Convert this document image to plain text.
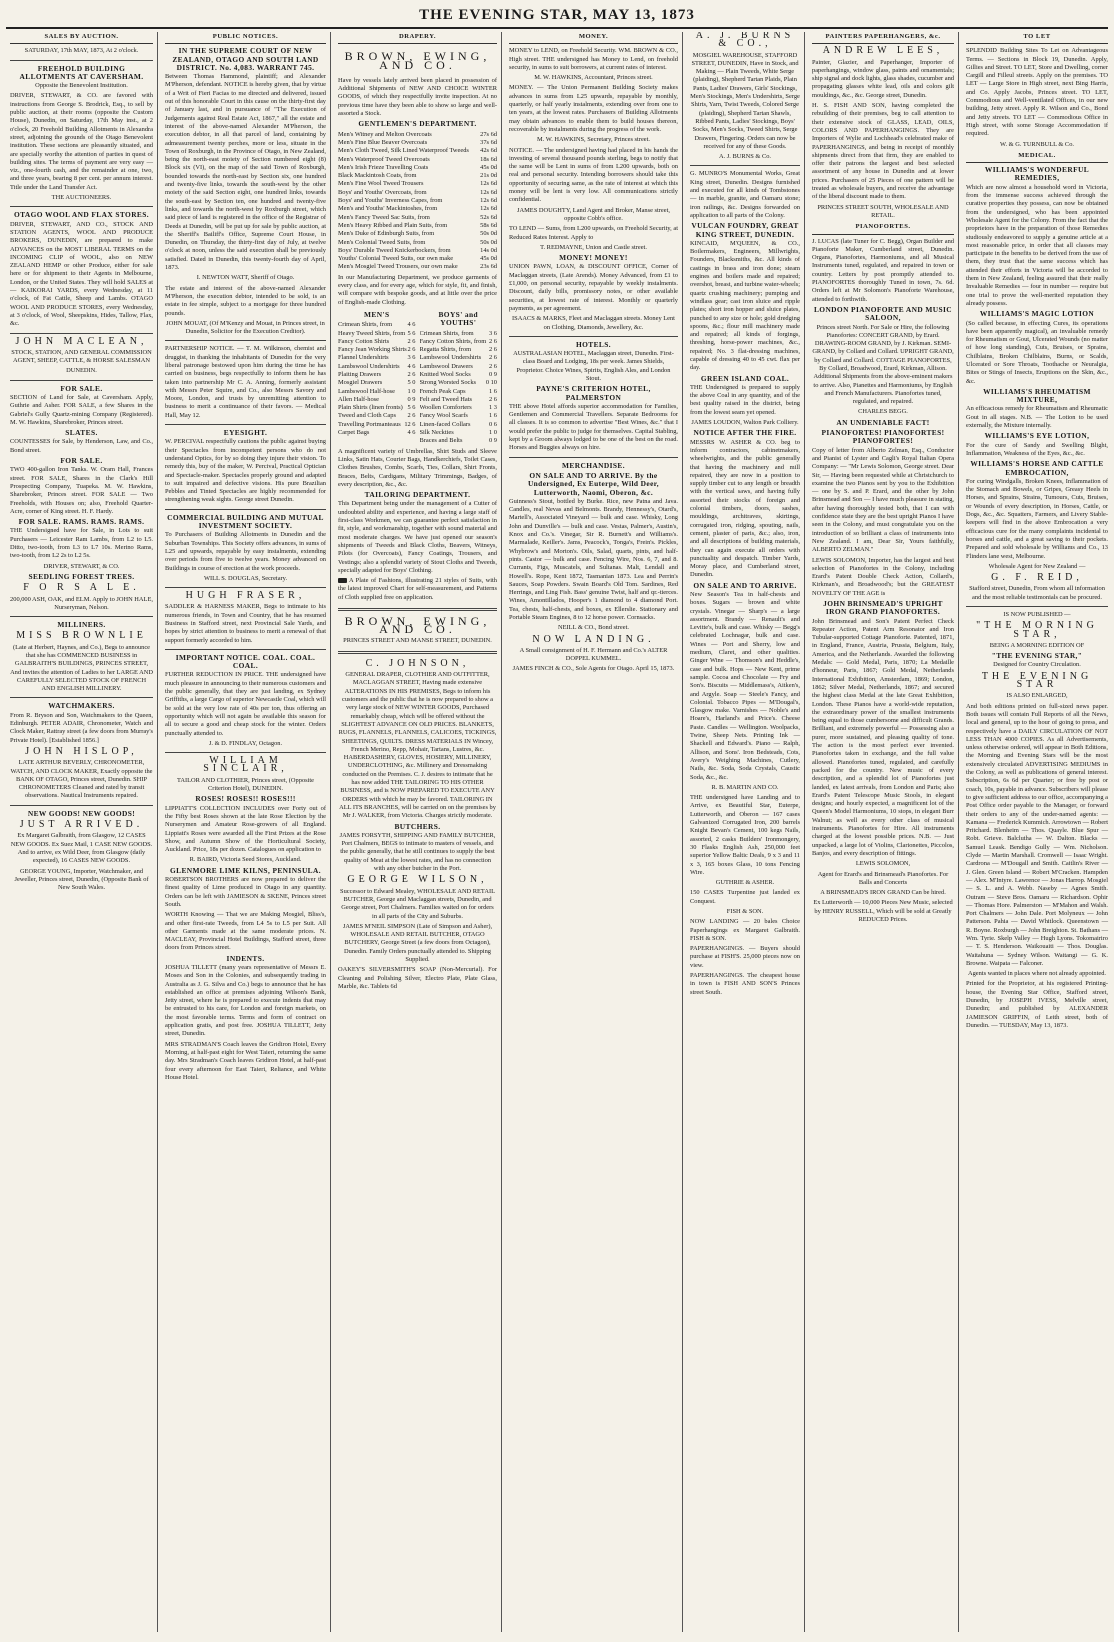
THE EVENING STAR, MAY 13, 1873
SALES BY AUCTION.

SATURDAY, 17th MAY, 1873, At 2 o'clock.

FREEHOLD BUILDING ALLOTMENTS AT CAVERSHAM.

Opposite the Benevolent Institution.

DRIVER, STEWART, & CO. are favored with instructions from George S. Brodrick, Esq., to sell by public auction, at their rooms (opposite the Custom House), Dunedin, on Saturday, 17th May inst., at 2 o'clock, 20 Freehold Building Allotments in Alexandra street, adjoining the grounds of the Otago Benevolent institution. These sections are pleasantly situated, and are specially worthy the attention of parties in quest of building sites. The terms of payment are very easy — viz., one-fourth cash, and the remainder at one, two, and three years, bearing 8 per cent. per annum interest. Title under the Land Transfer Act.

THE AUCTIONEERS.

OTAGO WOOL AND FLAX STORES.

DRIVER, STEWART, AND CO., STOCK AND STATION AGENTS, WOOL AND PRODUCE BROKERS, DUNEDIN, are prepared to make ADVANCES on the MOST LIBERAL TERMS on the INCOMING CLIP of WOOL, also on NEW ZEALAND HEMP or other Produce, either for sale here or for shipment to their Agents in Melbourne, London, or the United States. They will hold SALES at — KAIKORAI YARDS, every Wednesday, at 11 o'clock, of Fat Cattle, Sheep and Lambs. OTAGO WOOL AND PRODUCE STORES, every Wednesday, at 3 o'clock, of Wool, Sheepskins, Hides, Tallow, Flax, &c.

JOHN MACLEAN,

STOCK, STATION, AND GENERAL COMMISSION AGENT, SHEEP, CATTLE, & HORSE SALESMAN

DUNEDIN.

FOR SALE.

SECTION of Land for Sale, at Caversham. Apply, Guthrie and Asher. FOR SALE, a few Shares in the Gabriel's Gully Quartz-mining Company (Registered). M. W. Hawkins, Sharebroker, Princes street.

SLATES.

COUNTESSES for Sale, by Henderson, Law, and Co., Bond street.

FOR SALE.

TWO 400-gallon Iron Tanks. W. Oram Hall, Frances street. FOR SALE, Shares in the Clark's Hill Prospecting Company, Tuapeka. M. W. Hawkins, Sharebroker, Princes street. FOR SALE — Two Freeholds, with Houses on; also, Freehold Quarter-Acre, corner of King street. H. F. Hardy.

FOR SALE. RAMS. RAMS. RAMS.

THE Undersigned have for Sale, in Lots to suit Purchasers — Leicester Ram Lambs, from L2 to L5. Ditto, two-tooth, from L3 to L7 10s. Merino Rams, two-tooth, from L2 2s to L2 5s.

DRIVER, STEWART, & CO.

SEEDLING FOREST TREES.
F O R S A L E.

200,000 ASH, OAK, and ELM. Apply to JOHN HALE, Nurseryman, Nelson.

MILLINERS.
MISS BROWNLIE

(Late at Herbert, Haynes, and Co.), Begs to announce that she has COMMENCED BUSINESS in GALBRAITH'S BUILDINGS, PRINCES STREET, And invites the attention of Ladies to her LARGE AND CAREFULLY SELECTED STOCK OF FRENCH AND ENGLISH MILLINERY.

WATCHMAKERS.

From R. Bryson and Son, Watchmakers to the Queen, Edinburgh. PETER ADAIR, Chronometer, Watch and Clock Maker, Rattray street (a few doors from Murray's Private Hotel). [Established 1856.]

JOHN HISLOP,

LATE ARTHUR BEVERLY, CHRONOMETER, WATCH, AND CLOCK MAKER, Exactly opposite the BANK OF OTAGO, Princes street, Dunedin. SHIP CHRONOMETERS Cleaned and rated by transit observations. Nautical Instruments repaired.

NEW GOODS! NEW GOODS!
JUST ARRIVED.

Ex Margaret Galbraith, from Glasgow, 12 CASES NEW GOODS. Ex Suez Mail, 1 CASE NEW GOODS. And to arrive, ex Wild Deer, from Glasgow (daily expected), 16 CASES NEW GOODS.

GEORGE YOUNG, Importer, Watchmaker, and Jeweller, Princes street, Dunedin, (Opposite Bank of New South Wales.

PUBLIC NOTICES.
IN THE SUPREME COURT OF NEW ZEALAND, OTAGO AND SOUTH LAND DISTRICT. No. 4,083. WARRANT 745.

Between Thomas Hammond, plaintiff; and Alexander M'Pherson, defendant. NOTICE is hereby given, that by virtue of a Writ of Fieri Facias to me directed and delivered, issued out of this honorable Court in this cause on the thirty-first day of January last, and in pursuance of "The Execution of Judgements against Real Estate Act, 1867," all the estate and interest of the above-named Alexander M'Pherson, the execution debtor, in all that parcel of land, containing by admeasurement twenty perches, more or less, situate in the Town of Roxburgh, in the Province of Otago, in New Zealand, being the north-east moiety of Section numbered eight (8) Block six (VI), on the map of the said Town of Roxburgh, bounded towards the north-east by Section six, one hundred and twenty-five links, towards the south-west by the other moiety of the said Section eight, one hundred links, towards the south-east by Section ten, one hundred and twenty-five links, and towards the north-west by Roxburgh street, which said piece of land is registered in the office of the Registrar of Deeds at Dunedin, will be put up for sale by public auction, at the Sheriff's Bailiff's Office, Supreme Court House, in Dunedin, on Thursday, the thirty-first day of July, at twelve o'clock at noon, unless the said execution shall be previously satisfied. Dated in Dunedin, this twenty-fourth day of April, 1873.

I. NEWTON WATT, Sheriff of Otago.

The estate and interest of the above-named Alexander M'Pherson, the execution debtor, intended to be sold, is an estate in fee simple, subject to a mortgage for three hundred pounds.

JOHN MOUAT, (Of M'Kenzy and Mouat, in Princes street, in Dunedin, Solicitor for the Execution Creditor).

PARTNERSHIP NOTICE. — T. M. Wilkinson, chemist and druggist, in thanking the inhabitants of Dunedin for the very liberal patronage bestowed upon him during the time he has carried on business, begs respectfully to inform them he has taken into partnership Mr C. A. Anning, formerly assistant with Messrs Peter Squire, and Co., also Messrs Savory and Moore, London, and trusts by unremitting attention to business to merit a continuance of their favors. — Medical Hall, May 12.

EYESIGHT.

W. PERCIVAL respectfully cautions the public against buying their Spectacles from incompetent persons who do not understand Optics, for by so doing they injure their vision. To remedy this, buy of the maker, W. Percival, Practical Optician and Spectacle-maker. Spectacles properly ground and adapted to suit impaired and defective visions. His pure Brazilian Pebbles and Tinted Spectacles are highly recommended for strengthening weak sights. George street Dunedin.

COMMERCIAL BUILDING AND MUTUAL INVESTMENT SOCIETY.

To Purchasers of Building Allotments in Dunedin and the Suburban Townships. This Society offers advances, in sums of L25 and upwards, repayable by easy instalments, extending over periods from five to twelve years. Money advanced on Buildings in course of erection at the work proceeds.

WILL S. DOUGLAS, Secretary.

HUGH FRASER,

SADDLER & HARNESS MAKER, Begs to intimate to his numerous friends, in Town and Country, that he has resumed Business in Stafford street, next Provincial Sale Yards, and hopes by strict attention to business to merit a renewal of that support formerly accorded to him.

IMPORTANT NOTICE. COAL. COAL. COAL.

FURTHER REDUCTION IN PRICE. THE undersigned have much pleasure in announcing to their numerous customers and the public generally, that they are just landing, ex Sydney Griffiths, a large Cargo of superior Newcastle Coal, which will be sold at the very low rate of 40s per ton, thus offering an opportunity which will not again be available this season for all to secure a good and cheap stock for the winter. Orders punctually attended to.

J. & D. FINDLAY, Octagon.

WILLIAM SINCLAIR,

TAILOR AND CLOTHIER, Princes street, (Opposite Criterion Hotel), DUNEDIN.

ROSES! ROSES!! ROSES!!!

LIPPIATT'S COLLECTION INCLUDES over Forty out of the Fifty best Roses shown at the late Rose Election by the Nurserymen and Amateur Rose-growers of all England. Lippiatt's Roses were awarded all the First Prizes at the Rose Show, and Autumn Show of the Horticultural Society, Auckland. Price, 18s per dozen. Catalogues on application to

R. BAIRD, Victoria Seed Stores, Auckland.

GLENMORE LIME KILNS, PENINSULA.

ROBERTSON BROTHERS are now prepared to deliver the finest quality of Lime produced in Otago in any quantity. Orders can be left with JAMIESON & SKENE, Princes street South.

WORTH Knowing — That we are Making Mosgiel, Bliss's, and other first-rate Tweeds, from L4 5s to L5 per Suit. All other Garments made at the same moderate prices. N. MACLEAY, Provincial Hotel Buildings, Stafford street, three doors from Princes street.

INDENTS.

JOSHUA TILLETT (many years representative of Messrs E. Moses and Son in the Colonies, and subsequently trading in Australia as J. G. Silva and Co.) begs to announce that he has established an office at premises adjoining Wilson's Bank, Jetty street, where he is prepared to execute indents that may be entrusted to his care, for London and foreign markets, on the most favorable terms. Terms and form of contract on application gratis, and post free. JOSHUA TILLETT, Jetty street, Dunedin.

MRS STRADMAN'S Coach leaves the Gridiron Hotel, Every Morning, at half-past eight for West Taieri, returning the same day. Mrs Stradman's Coach leaves Gridiron Hotel, at half-past four every afternoon for East Taieri, Reliance, and White House Hotel.

DRAPERY.
BROWN, EWING, AND CO.

Have by vessels lately arrived been placed in possession of Additional Shipments of NEW AND CHOICE WINTER GOODS, of which they respectfully invite inspection. At no previous time have they been able to show so large and well-assorted a Stock.

GENTLEMEN'S DEPARTMENT.
Men's Witney and Melton Overcoats	27s 6d
Men's Fine Blue Beaver Overcoats	37s 6d
Men's Cloth Tweed, Silk Lined Waterproof Tweeds	42s 6d
Men's Waterproof Tweed Overcoats	18s 6d
Men's Irish Frieze Travelling Coats	45s 0d
Black Mackintosh Coats, from	21s 0d
Men's Fine Wool Tweed Trousers	12s 6d
Boys' and Youths' Overcoats, from	12s 6d
Boys' and Youths' Inverness Capes, from	12s 6d
Men's and Youths' Mackintoshes, from	12s 6d
Men's Fancy Tweed Sac Suits, from	52s 6d
Men's Heavy Ribbed and Plain Suits, from	58s 6d
Men's Duke of Edinburgh Suits, from	50s 0d
Men's Colonial Tweed Suits, from	50s 0d
Boys' Durable Tweed Knickerbockers, from	14s 0d
Youths' Colonial Tweed Suits, our own make	45s 0d
Men's Mosgiel Tweed Trousers, our own make	23s 6d

In our Manufacturing Department, we produce garments of every class, and for every age, which for style, fit, and finish, will compare with bespoke goods, and at little over the price of English-made Clothing.

MEN'S
Crimean Shirts, from	4 6
Heavy Tweed Shirts, from 5 6
Fancy Cotton Shirts	2 6
Fancy Jean Working Shirts 2 6
Flannel Undershirts	3 6
Lambswool Undershirts	4 6
Plaiting Drawers	2 6
Mosgiel Drawers	5 0
Lambswool Half-hose	1 0
Allen Half-hose	0 9
Plain Shirts (linen fronts) 5 6
Tweed and Cloth Caps	2 6
Travelling Portmanteaus 12 6
Carpet Bags	4 6
BOYS' and YOUTHS'
Crimean Shirts, from	3 6
Fancy Cotton Shirts, from 2 6
Regatta Shirts, from	2 6
Lambswool Undershirts	2 6
Lambswool Drawers	2 6
Knitted Wool Socks	0 9
Strong Worsted Socks	0 10
French Peak Caps	1 6
Felt and Tweed Hats	2 6
Woollen Comforters	1 3
Fancy Wool Scarfs	1 6
Linen-faced Collars	0 6
Silk Neckties	1 0
Braces and Belts	0 9

A magnificent variety of Umbrellas, Shirt Studs and Sleeve Links, Satin Hats, Courier Bags, Handkerchiefs, Toilet Cases, Clothes Brushes, Combs, Scarfs, Ties, Collars, Shirt Fronts, Braces, Belts, Cardigans, Military Trimmings, Badges, of every description, &c., &c.

TAILORING DEPARTMENT.

This Department being under the management of a Cutter of undoubted ability and experience, and having a large staff of first-class Workmen, we can guarantee perfect satisfaction in fit, style, and workmanship, together with sound material and most moderate charges. We have just opened our season's shipments of Tweeds and Black Cloths, Beavers, Witneys, Pilots (for Overcoats), Fancy Coatings, Trousers, and Vestings; also a splendid variety of Stout Cloths and Tweeds, specially adapted for Boys' Clothing.

A Plate of Fashions, illustrating 21 styles of Suits, with the latest improved Chart for self-measurement, and Patterns of Cloth supplied free on application.

BROWN, EWING, AND CO.

PRINCES STREET AND MANSE STREET, DUNEDIN.

C. JOHNSON,

GENERAL DRAPER, CLOTHIER AND OUTFITTER, MACLAGGAN STREET, Having made extensive ALTERATIONS IN HIS PREMISES, Begs to inform his customers and the public that he is now prepared to show a very large stock of NEW WINTER GOODS, Purchased remarkably cheap, which will be offered without the SLIGHTEST ADVANCE ON OLD PRICES. BLANKETS, RUGS, FLANNELS, FLANNELS, CALICOES, TICKINGS, SHEETINGS, QUILTS. DRESS MATERIALS IN Wincey, French Merino, Repp, Mohair, Tartans, Lustres, &c. HABERDASHERY, GLOVES, HOSIERY, MILLINERY, UNDERCLOTHING, &c. Millinery and Dressmaking conducted on the Premises. C. J. desires to intimate that he has now added THE TAILORING TO HIS OTHER BUSINESS, and is NOW PREPARED TO EXECUTE ANY ORDERS with which he may be favored. TAILORING IN ALL ITS BRANCHES, will be carried on on the premises by Mr J. WALKER, from Victoria. Charges strictly moderate.

BUTCHERS.

JAMES FORSYTH, SHIPPING AND FAMILY BUTCHER, Port Chalmers, BEGS to intimate to masters of vessels, and the public generally, that he still continues to supply the best quality of Meat at the lowest rates, and has no connection with any other butcher in the Port.

GEORGE WILSON,

Successor to Edward Mealey, WHOLESALE AND RETAIL BUTCHER, George and Maclaggan streets, Dunedin, and George street, Port Chalmers. Families waited on for orders in all parts of the City and Suburbs.

JAMES M'NEIL SIMPSON (Late of Simpson and Asher), WHOLESALE AND RETAIL BUTCHER, OTAGO BUTCHERY, George Street (a few doors from Octagon), Dunedin. Family Orders punctually attended to. Shipping Supplied.

OAKEY'S SILVERSMITH'S SOAP (Non-Mercurial). For Cleaning and Polishing Silver, Electro Plate, Plate Glass, Marble, &c. Tablets 6d

MONEY.

MONEY to LEND, on Freehold Security. WM. BROWN & CO., High street. THE undersigned has Money to Lend, on freehold security, in sums to suit borrowers, at current rates of interest.

M. W. HAWKINS, Accountant, Princes street.

MONEY. — The Union Permanent Building Society makes advances in sums from L25 upwards, repayable by monthly, quarterly, or half yearly instalments, extending over from one to ten years, at the lowest rates. Purchasers of Building Allotments may obtain advances to enable them to build houses thereon, recoverable by instalments during the progress of the work.

M. W. HAWKINS, Secretary, Princes street.

NOTICE. — The undersigned having had placed in his hands the investing of several thousand pounds sterling, begs to notify that the same will be Lent in sums of from L200 upwards, both on real and personal security. Intending borrowers should take this opportunity of securing same, as the rate of interest at which this money will be lent is very low. All communications strictly confidential.

JAMES DOUGHTY, Land Agent and Broker, Manse street, opposite Cobb's office.

TO LEND — Sums, from L200 upwards, on Freehold Security, at Reduced Rates Interest. Apply to

T. REDMAYNE, Union and Castle street.

MONEY! MONEY!

UNION PAWN, LOAN, & DISCOUNT OFFICE, Corner of Maclaggan streets, (Late Arends). Money Advanced, from £1 to £1,000, on personal security, repayable by weekly instalments. Discount, daily bills, promissory notes, or other available securities, at lowest rate of interest. Monthly or quarterly payments, as per agreement.

ISAACS & MARKS, Fleet and Maclaggan streets. Money Lent on Clothing, Diamonds, Jewellery, &c.

HOTELS.

AUSTRALASIAN HOTEL, Maclaggan street, Dunedin. First-class Board and Lodging, 18s per week. James Shields, Proprietor. Choice Wines, Spirits, English Ales, and London Stout.

PAYNE'S CRITERION HOTEL, PALMERSTON

THE above Hotel affords superior accommodation for Families, Gentlemen and Commercial Travellers. Separate Bedrooms for all classes. It is so common to advertise "Best Wines, &c." that I would prefer the public to judge for themselves. Capital Stabling, kept by a Groom always lodged to be one of the best on the road. Horses and Buggies always on hire.

MERCHANDISE.
ON SALE AND TO ARRIVE. By the Undersigned, Ex Euterpe, Wild Deer, Lutterworth, Naomi, Oberon, &c.

Guinness's Stout, bottled by Burke. Rice, new Patna and Java. Candles, real Nevas and Belmonts. Brandy, Hennessy's, Otard's, Martell's, Associated Vineyard — bulk and case. Whisky, Long John and Dunville's — bulk and case. Vestas, Palmer's, Austin's, Knox and Co.'s. Vinegar, Sir R. Burnett's and Williams's. Marmalade, Keiller's. Jams, Peacock's, Tonga's, Frein's. Pickles, Whybrow's and Morton's. Oils, Salad, quarts, pints, and half-pints. Castor — bulk and case. Fencing Wire, Nos. 6, 7, and 8. Currants, Figs, Muscatels, and Sultanas. Malt, Lendall and Howell's. Rope, Kent 1872, Tasmanian 1873. Lea and Perrin's Sauces, Soap Powders. Swain Board's Old Tom. Sardines, Red Herrings, and Ling Fish. Bass' genuine Twist, half and qr.-tierces. Wines, Amontillados, Hooper's 1 diamond to 4 diamond Port. Tea, chests, half-chests, and boxes, ex Ellerslie. Stationary and Portable Steam Engines, 8 to 12 horse power. Cornsacks.

NEILL & CO., Bond street.

NOW LANDING.

A Small consignment of H. F. Hermann and Co.'s ALTER DOPPEL KUMMEL.

JAMES FINCH & CO., Sole Agents for Otago. April 15, 1873.

A. J. BURNS & CO.,

MOSGIEL WAREHOUSE, STAFFORD STREET, DUNEDIN, Have in Stock, and Making — Plain Tweeds, White Serge (plaiding), Shepherd Tartan Plaids, Plain Pants, Ladies' Drawers, Girls' Stockings, Men's Stockings, Men's Undershirts, Serge Shirts, Yarn, Twist Tweeds, Colored Serge (plaiding), Shepherd Tartan Shawls, Ribbed Pants, Ladies' Stockings, Boys' Socks, Men's Socks, Tweed Shirts, Serge Drawers, Fingering. Orders can now be received for any of these Goods.

A. J. BURNS & Co.

G. MUNRO'S Monumental Works, Great King street, Dunedin. Designs furnished and executed for all kinds of Tombstones — in marble, granite, and Oamaru stone; iron railings, &c. Designs forwarded on application to all parts of the Colony.

VULCAN FOUNDRY, GREAT KING STREET, DUNEDIN.

KINCAID, M'QUEEN, & CO., Boilermakers, Engineers, Millwrights, Founders, Blacksmiths, &c. All kinds of castings in brass and iron done; steam engines and boilers made and repaired; overshot, breast, and turbine water-wheels; quartz crushing machinery; pumping and windlass gear; cast iron sluice and ripple plates; short iron hopper and sluice plates, punched to any size or hole; gold dredging spoons, &c.; flour mill machinery made and repaired; all kinds of forgings, threshing, horse-power machines, &c., repaired; No. 3 flat-dressing machines, capable of dressing 40 to 45 cwt. flax per day.

GREEN ISLAND COAL.

THE Undersigned is prepared to supply the above Coal in any quantity, and of the best quality raised in the district, being from the lowest seam yet opened.

JAMES LOUDON, Walton Park Colliery.

NOTICE AFTER THE FIRE.

MESSRS W. ASHER & CO. beg to inform contractors, cabinetmakers, wheelwrights, and the public generally that having the machinery and mill repaired, they are now in a position to supply timber cut to any length or breadth with the vertical saws, and having fully assorted their stocks of foreign and colonial timbers, doors, sashes, mouldings, architraves, skirtings, corrugated iron, ridging, spouting, nails, cement, plaster of paris, &c.; also, iron, and all descriptions of building materials, they can again execute all orders with punctuality and despatch. Timber Yards, Moray place, and Cumberland street, Dunedin.

ON SALE AND TO ARRIVE.

New Season's Tea in half-chests and boxes. Sugars — brown and white crystals. Vinegar — Sharp's — a large assortment. Brandy — Renault's and Levitte's, bulk and case. Whisky — Begg's celebrated Lochnagar, bulk and case. Wines — Port and Sherry, low and medium, Claret, and other qualities. Ginger Wine — Thomson's and Heddle's, case and bulk. Hops — New Kent, prime sample. Cocoa and Chocolate — Fry and Son's. Biscuits — Middlemass's, Aitken's, and Argyle. Soap — Steele's Fancy, and Colonial. Tobacco Pipes — M'Dougal's, Glasgow make. Varnishes — Noble's and Hoare's, Harland's and Price's. Cheese Paste. Candles — Wellington. Woolpacks, Twine, Sheep Nets. Printing Ink — Shackell and Edward's. Piano — Ralph, Allison, and Sons'. Iron Bedsteads, Cots, Avery's Weighing Machines, Cutlery, Nails, &c. Soda, Soda Crystals, Caustic Soda, &c., &c.

R. B. MARTIN AND CO.

THE undersigned have Landing and to Arrive, ex Beautiful Star, Euterpe, Lutterworth, and Oberon — 167 cases Galvanized Corrugated Iron, 200 barrels Knight Bevan's Cement, 100 kegs Nails, assorted, 2 casks Builders' Ironmongery, 30 Flasks English Ash, 250,000 feet superior Yellow Baltic Deals, 9 x 3 and 11 x 3, 165 boxes Glass, 10 tons Fencing Wire.

GUTHRIE & ASHER.

150 CASES Turpentine just landed ex Conquest.

FISH & SON.

NOW LANDING — 20 bales Choice Paperhangings ex Margaret Galbraith. FISH & SON.

PAPERHANGINGS. — Buyers should purchase at FISH'S. 25,000 pieces now on view.

PAPERHANGINGS. The cheapest house in town is FISH AND SON'S Princes street South.

PAINTERS PAPERHANGERS, &c.
ANDREW LEES,

Painter, Glazier, and Paperhanger, Importer of paperhangings, window glass, paints and ornamentals; ship signal and dock lights, glass shades, cucumber and propagating glasses white lead, oils and colors gilt mouldings, &c., &c. George street, Dunedin.

H. S. FISH AND SON, having completed the rebuilding of their premises, beg to call attention to their extensive stock of GLASS, LEAD, OILS, COLORS AND PAPERHANGINGS. They are Importers of Wylie and Lochhead's celebrated make of PAPERHANGINGS, and being in receipt of monthly shipments direct from that firm, they are enabled to offer their patrons the largest and best selected assortment of any house in Dunedin and at lower prices. Purchasers of 25 Pieces of one pattern will be treated as wholesale buyers, and receive the advantage of the liberal discount made to them.

PRINCES STREET SOUTH, WHOLESALE AND RETAIL.

PIANOFORTES.

J. LUCAS (late Tuner for C. Begg), Organ Builder and Pianoforte Maker, Cumberland street, Dunedin. Organs, Pianofortes, Harmoniums, and all Musical Instruments tuned, regulated, and repaired in town or country. Letters by post promptly attended to. PIANOFORTES thoroughly Tuned in town, 7s. 6d. Orders left at Mr Solomon's Pianoforte Warehouse, attended to forthwith.

LONDON PIANOFORTE AND MUSIC SALOON,

Princes street North. For Sale or Hire, the following Pianofortes: CONCERT GRAND, by Erard. DRAWING-ROOM GRAND, by J. Kirkman. SEMI-GRAND, by Collard and Collard. UPRIGHT GRAND, by Collard and Collard. COTTAGE PIANOFORTES, By Collard, Broadwood, Erard, Kirkman, Allison. Additional Shipments from the above-eminent makers to arrive. Also, Pianettes and Harmoniums, by English and French Manufacturers. Pianofortes tuned, regulated, and repaired.

CHARLES BEGG.

AN UNDENIABLE FACT!
PIANOFORTES! PIANOFORTES! PIANOFORTES!

Copy of letter from Alberto Zelman, Esq., Conductor and Pianist of Lyster and Cagli's Royal Italian Opera Company: — "Mr Lewis Solomon, George street. Dear Sir, — Having been requested while at Christchurch to examine the two Pianos sent by you to the Exhibition — one by S. and P. Erard, and the other by John Brinsmead and Son — I have much pleasure in stating, after having thoroughly tested both, that I can with confidence state they are the best upright Pianos I have seen in the Colony, and must congratulate you on the introduction of so brilliant a class of instruments into New Zealand. I am, Dear Sir, Yours faithfully, ALBERTO ZELMAN."

LEWIS SOLOMON, Importer, has the largest and best selection of Pianofortes in the Colony, including Erard's Patent Double Check Action, Collard's, Kirkman's, and Broadwood's; but the GREATEST NOVELTY OF THE AGE is

JOHN BRINSMEAD'S UPRIGHT IRON GRAND PIANOFORTES.

John Brinsmead and Son's Patent Perfect Check Repeater Action, Patent Arm Resonator and Iron Tubular-supported Cottage Pianoforte. Patented, 1871, in England, France, Austria, Prussia, Belgium, Italy, America, and the Netherlands. Awarded the following Medals: — Gold Medal, Paris, 1870; La Medaille d'honneur, Paris, 1867; Gold Medal, Netherlands International Exhibition, Amsterdam, 1869; London, 1862; Silver Medal, Netherlands, 1867; and secured the highest class Medal at the late Great Exhibition, London. These Pianos have a world-wide reputation, the extraordinary power of the smallest instruments being equal to those cumbersome and difficult Grands. Brilliant, and extremely powerful — Possessing also a purer, more sustained, and pleasing quality of tone. The action is the most perfect ever invented. Pianofortes taken in exchange, and the full value allowed. Pianofortes tuned, regulated, and carefully packed for the country. New music of every description, and a splendid lot of Pianofortes just landed, ex latest arrivals, from London and Paris; also Erard's Patent Telescope Music Stools, in elegant designs; and hourly expected, a magnificent lot of the Queen's Model Harmoniums, 10 stops, in elegant Burr Walnut; as well as every other class of musical instruments. Pianofortes for Hire. All instruments charged at the lowest possible prices. N.B. — Just unpacked, a large lot of Violins, Clarionettes, Piccolos, Banjos, and every description of fittings.

LEWIS SOLOMON,

Agent for Erard's and Brinsmead's Pianofortes. For Balls and Concerts

A BRINSMEAD'S IRON GRAND Can be hired.

Ex Lutterworth — 10,000 Pieces New Music, selected by HENRY RUSSELL, Which will be sold at Greatly REDUCED Prices.

TO LET

SPLENDID Building Sites To Let on Advantageous Terms. — Sections in Block 19, Dunedin. Apply, Gillies and Street. TO LET, Store and Dwelling, corner Cargill and Filleul streets. Apply on the premises. TO LET — Large Store in High street, next Bing Harris, and Co. Apply Jacobs, Princes street. TO LET, Commodious and Well-ventilated Offices, in our new building, Jetty street. Apply R. Wilson and Co., Bond and Jetty streets. TO LET — Commodious Office in High street, with some Storage Accommodation if required.

W. & G. TURNBULL & Co.

MEDICAL.
WILLIAMS'S WONDERFUL REMEDIES,

Which are now almost a household word in Victoria, from the immense success achieved through the curative properties they possess, can now be obtained from the undersigned, who has been appointed Wholesale Agent for the Colony. From the fact that the proprietors have in the preparation of those Remedies studiously endeavored to supply a genuine article at a most reasonable price, in order that all classes may participate in the benefits to be derived from the use of them, they trust that the same success which has attended their efforts in Victoria will be accorded to them in New Zealand, feeling assured that their really Invaluable Remedies — four in number — require but one trial to prove the well-merited reputation they already possess.

WILLIAMS'S MAGIC LOTION

(So called because, in effecting Cures, its operations have been apparently magical), an invaluable remedy for Rheumatism or Gout, Ulcerated Wounds (no matter of how long standing), Cuts, Bruises, or Sprains, Chilblains, Broken Chilblains, Burns, or Scalds, Ulcerated or Sore Throats, Toothache or Neuralgia, Bites or Stings of Insects, Eruptions on the Skin, &c., &c.

WILLIAMS'S RHEUMATISM MIXTURE,

An efficacious remedy for Rheumatism and Rheumatic Gout in all stages. N.B. — The Lotion to be used externally, the Mixture internally.

WILLIAMS'S EYE LOTION,

For the cure of Sandy and Swelling Blight, Inflammation, Weakness of the Eyes, &c., &c.

WILLIAMS'S HORSE AND CATTLE EMBROCATION,

For curing Windgalls, Broken Knees, Inflammation of the Stomach and Bowels, or Gripes, Greasy Heels in Horses, and Sprains, Strains, Tumours, Cuts, Bruises, or Wounds of every description, in Horses, Cattle, or Dogs, &c., &c. Squatters, Farmers, and Livery Stable-keepers will find in the above Embrocation a very efficacious cure for the many complaints incidental to horses and cattle, and a great saving to their pockets. Prepared and sold wholesale by Williams and Co., 13 Flinders lane west, Melbourne.

Wholesale Agent for New Zealand —

G. F. REID,

Stafford street, Dunedin, From whom all information and the most reliable testimonials can be procured.

IS NOW PUBLISHED —

"THE MORNING STAR,

BEING A MORNING EDITION OF

"THE EVENING STAR,"

Designed for Country Circulation.

THE EVENING STAR

IS ALSO ENLARGED,

And both editions printed on full-sized news paper. Both issues will contain Full Reports of all the News, local and general, up to the hour of going to press, and respectively have a DAILY CIRCULATION OF NOT LESS THAN 4000 COPIES. As all Advertisements, unless otherwise ordered, will appear in Both Editions, the Morning and Evening Stars will be the most extensively circulated ADVERTISING MEDIUMS in the Colony, as well as publications of general interest. Subscription, 6s 6d per Quarter; or free by post or coach, 10s, payable in advance. Subscribers will please to give sufficient address to our office, accompanying a Post Office order payable to the Manager, or forward their orders to any of the under-named agents: — Kamana — Frederick Kummich. Arrowtown — Robert Pritchard. Blenheim — Thos. Quayle. Blue Spur — Robt. Grieve. Balclutha — W. Dalton. Blacks — Samuel Leask. Bendigo Gully — Wm. Nicholson. Clyde — Martin Marshall. Cromwell — Isaac Wright. Cardrona — M'Dougall and Smith. Caitlin's River — J. Glen. Green Island — Robert M'Cracken. Hampden — Alex. M'Intyre. Lawrence — Jonas Harrop. Mosgiel — S. L. and A. Webb. Naseby — Agnes Smith. Outram — Steve Bros. Oamaru — Richardson. Ophir — Thomas Hore. Palmerston — M'Mahon and Walsh. Port Chalmers — John Dale. Port Molyneux — John Patterson. Pahia — David Whitlock. Queenstown — R. Boyne. Roxburgh — John Breighton. St. Bathans — Wm. Tyrie. Skelp Valley — Hugh Lyons. Tokomairiro — T. S. Henderson. Waikouaiti — Thos. Douglas. Waitahuna — Sydney Wilson. Waitangi — G. K. Browne. Waipata — Falconer.

Agents wanted in places where not already appointed.

Printed for the Proprietor, at his registered Printing-house, the Evening Star Office, Stafford street, Dunedin, by JOSEPH IVESS, Melville street, Dunedin; and published by ALEXANDER JAMIESON GRIFFIN, of Leith street, both of Dunedin. — TUESDAY, May 13, 1873.
